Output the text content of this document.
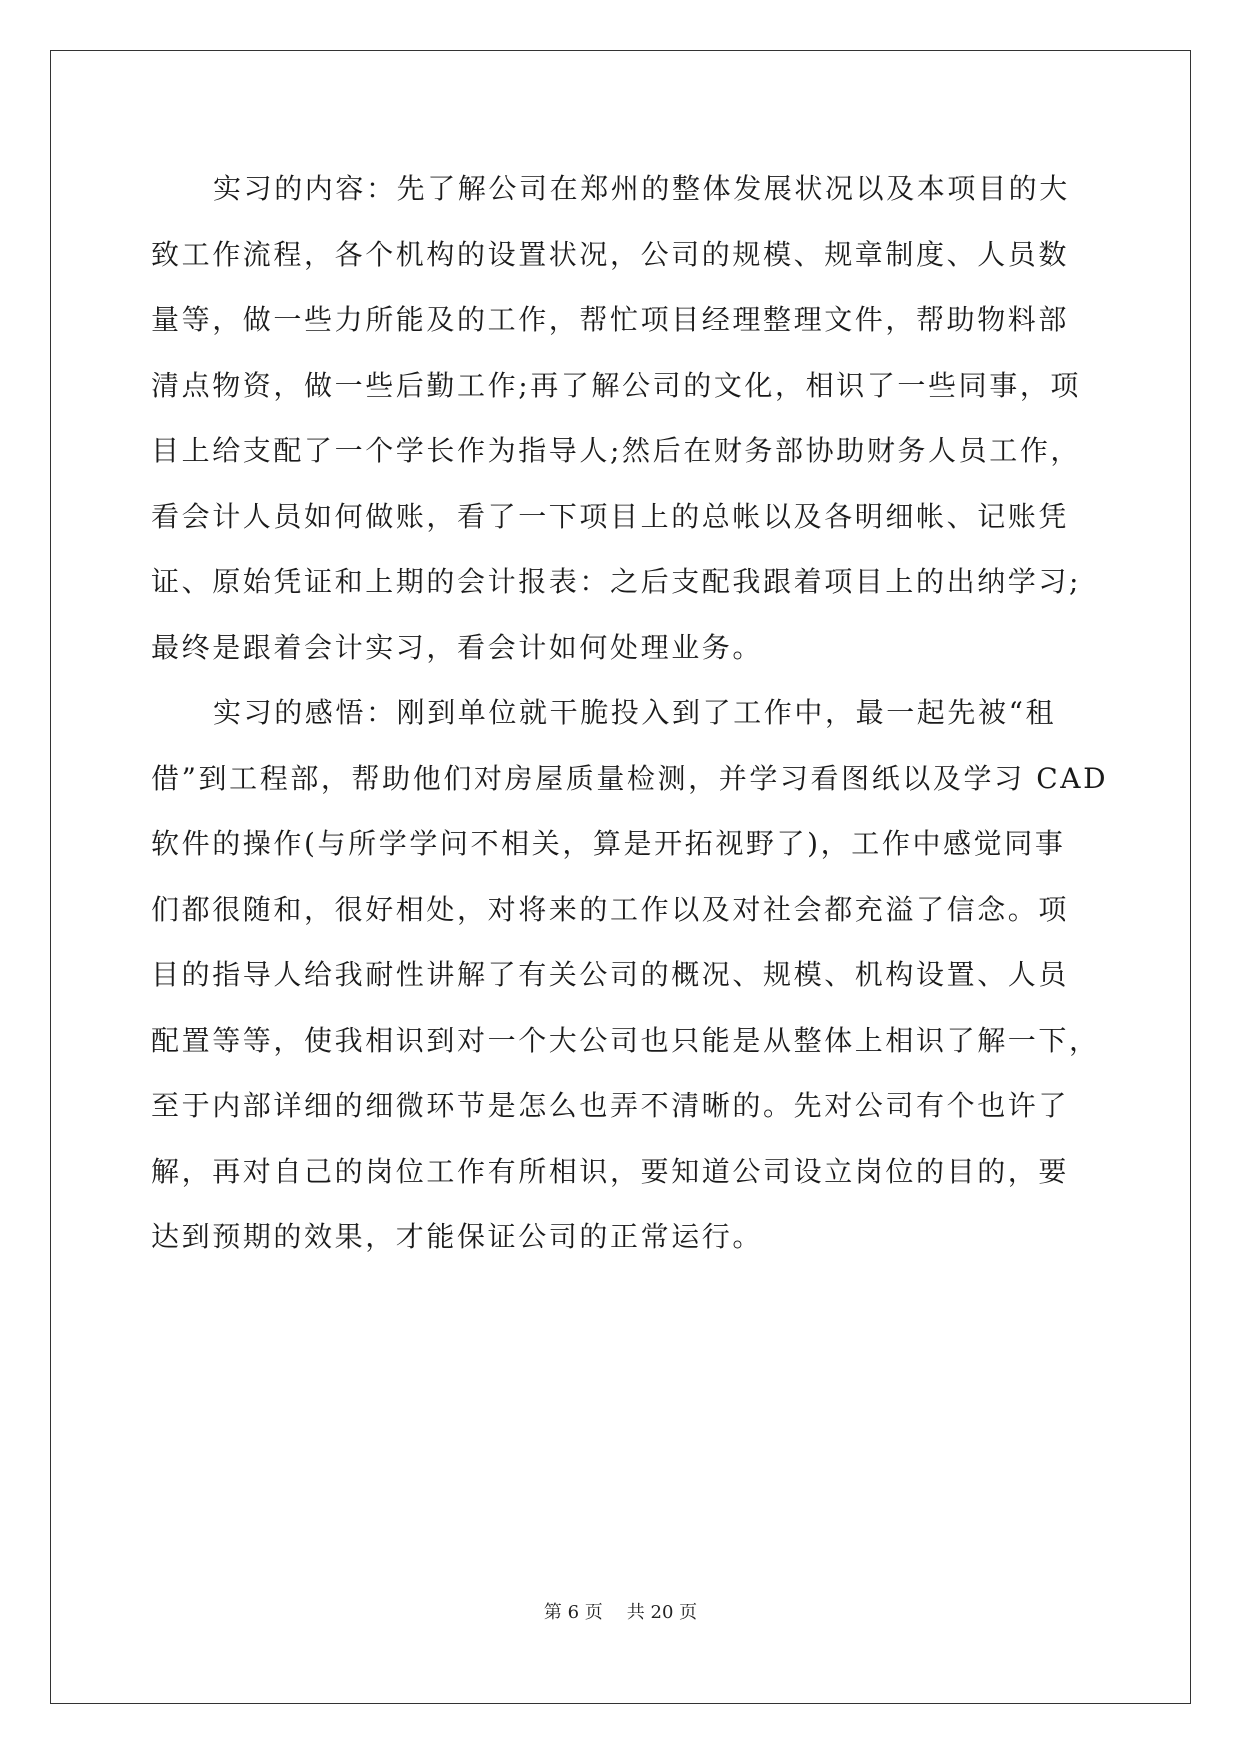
实习的内容：先了解公司在郑州的整体发展状况以及本项目的大
致工作流程，各个机构的设置状况，公司的规模、规章制度、人员数
量等，做一些力所能及的工作，帮忙项目经理整理文件，帮助物料部
清点物资，做一些后勤工作;再了解公司的文化，相识了一些同事，项
目上给支配了一个学长作为指导人;然后在财务部协助财务人员工作，
看会计人员如何做账，看了一下项目上的总帐以及各明细帐、记账凭
证、原始凭证和上期的会计报表：之后支配我跟着项目上的出纳学习;
最终是跟着会计实习，看会计如何处理业务。

实习的感悟：刚到单位就干脆投入到了工作中，最一起先被“租
借”到工程部，帮助他们对房屋质量检测，并学习看图纸以及学习 CAD
软件的操作(与所学学问不相关，算是开拓视野了)，工作中感觉同事
们都很随和，很好相处，对将来的工作以及对社会都充溢了信念。项
目的指导人给我耐性讲解了有关公司的概况、规模、机构设置、人员
配置等等，使我相识到对一个大公司也只能是从整体上相识了解一下，
至于内部详细的细微环节是怎么也弄不清晰的。先对公司有个也许了
解，再对自己的岗位工作有所相识，要知道公司设立岗位的目的，要
达到预期的效果，才能保证公司的正常运行。

第 6 页 共 20 页
